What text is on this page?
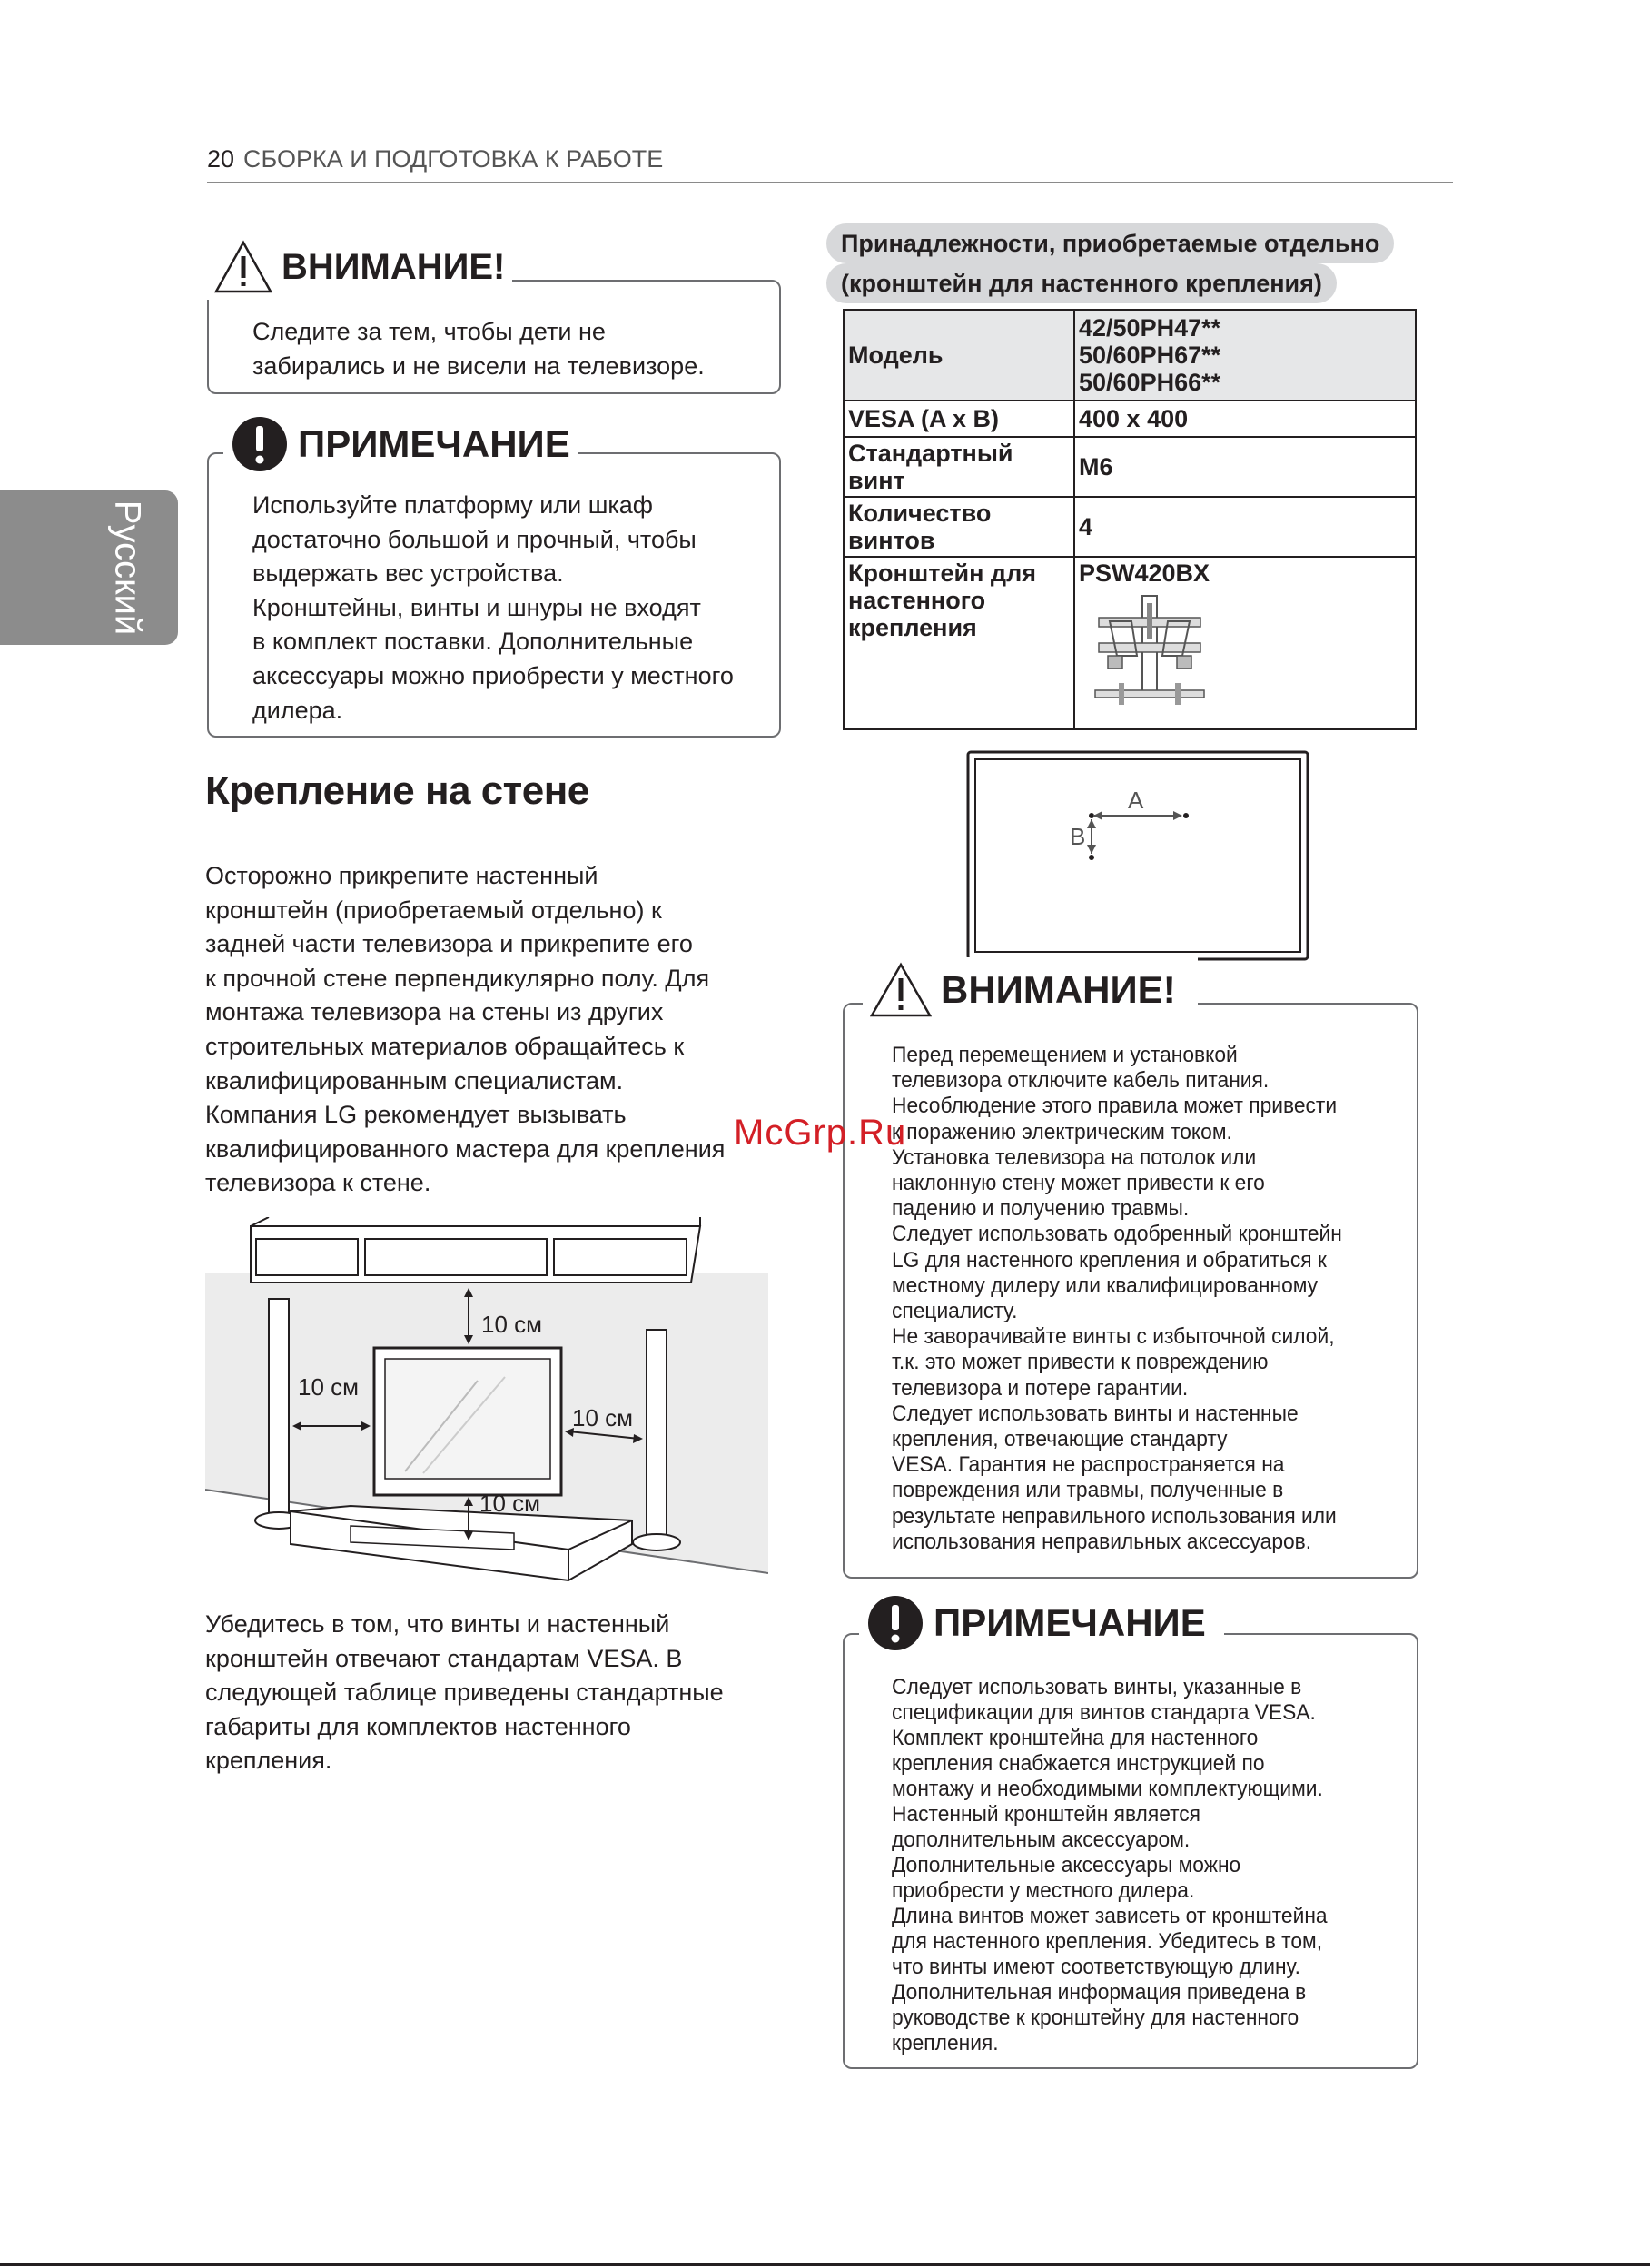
20 СБОРКА И ПОДГОТОВКА К РАБОТЕ
Русский
ВНИМАНИЕ!
Следите за тем, чтобы дети не
забирались и не висели на телевизоре.
ПРИМЕЧАНИЕ
Используйте платформу или шкаф
достаточно большой и прочный, чтобы
выдержать вес устройства.
Кронштейны, винты и шнуры не входят
в комплект поставки. Дополнительные
аксессуары можно приобрести у местного
дилера.
Крепление на стене
Осторожно прикрепите настенный
кронштейн (приобретаемый отдельно) к
задней части телевизора и прикрепите его
к прочной стене перпендикулярно полу. Для
монтажа телевизора на стены из других
строительных материалов обращайтесь к
квалифицированным специалистам.
Компания LG рекомендует вызывать
квалифицированного мастера для крепления
телевизора к стене.
10 см
10 см
10 см
10 см
Убедитесь в том, что винты и настенный
кронштейн отвечают стандартам VESA. В
следующей таблице приведены стандартные
габариты для комплектов настенного
крепления.
Принадлежности, приобретаемые отдельно
(кронштейн для настенного крепления)
Модель	42/50PH47**
50/60PH67**
50/60PH66**

VESA (A x B)	400 x 400

Стандартный
винт	M6

Количество
винтов	4

Кронштейн для
настенного
крепления	PSW420BX
A
B
ВНИМАНИЕ!
Перед перемещением и установкой
телевизора отключите кабель питания.
Несоблюдение этого правила может привести
к поражению электрическим током.
Установка телевизора на потолок или
наклонную стену может привести к его
падению и получению травмы.
Следует использовать одобренный кронштейн
LG для настенного крепления и обратиться к
местному дилеру или квалифицированному
специалисту.
Не заворачивайте винты с избыточной силой,
т.к. это может привести к повреждению
телевизора и потере гарантии.
Следует использовать винты и настенные
крепления, отвечающие стандарту
VESA. Гарантия не распространяется на
повреждения или травмы, полученные в
результате неправильного использования или
использования неправильных аксессуаров.
ПРИМЕЧАНИЕ
Следует использовать винты, указанные в
спецификации для винтов стандарта VESA.
Комплект кронштейна для настенного
крепления снабжается инструкцией по
монтажу и необходимыми комплектующими.
Настенный кронштейн является
дополнительным аксессуаром.
Дополнительные аксессуары можно
приобрести у местного дилера.
Длина винтов может зависеть от кронштейна
для настенного крепления. Убедитесь в том,
что винты имеют соответствующую длину.
Дополнительная информация приведена в
руководстве к кронштейну для настенного
крепления.
McGrp.Ru
